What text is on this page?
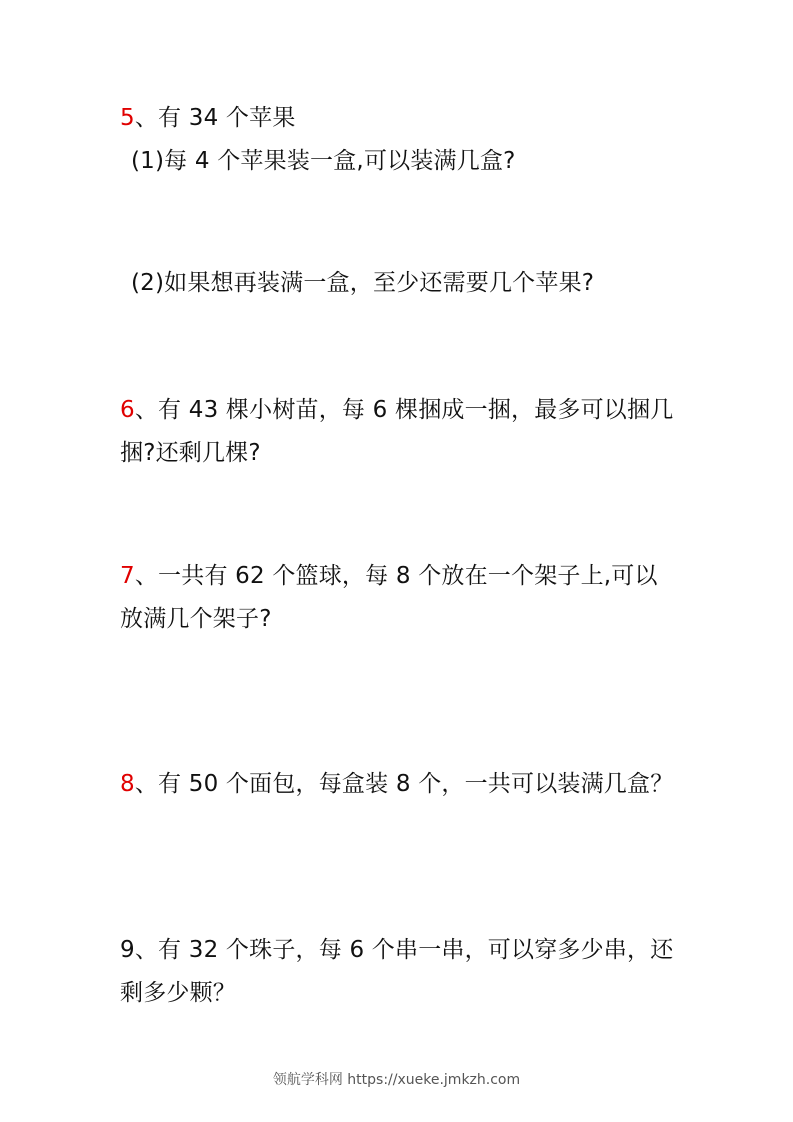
5、有 34 个苹果
(1)每 4 个苹果装一盒,可以装满几盒?
(2)如果想再装满一盒，至少还需要几个苹果?
6、有 43 棵小树苗，每 6 棵捆成一捆，最多可以捆几
捆?还剩几棵?
7、一共有 62 个篮球，每 8 个放在一个架子上,可以
放满几个架子?
8、有 50 个面包，每盒装 8 个，一共可以装满几盒？
9、有 32 个珠子，每 6 个串一串，可以穿多少串，还
剩多少颗？
领航学科网 https://xueke.jmkzh.com
